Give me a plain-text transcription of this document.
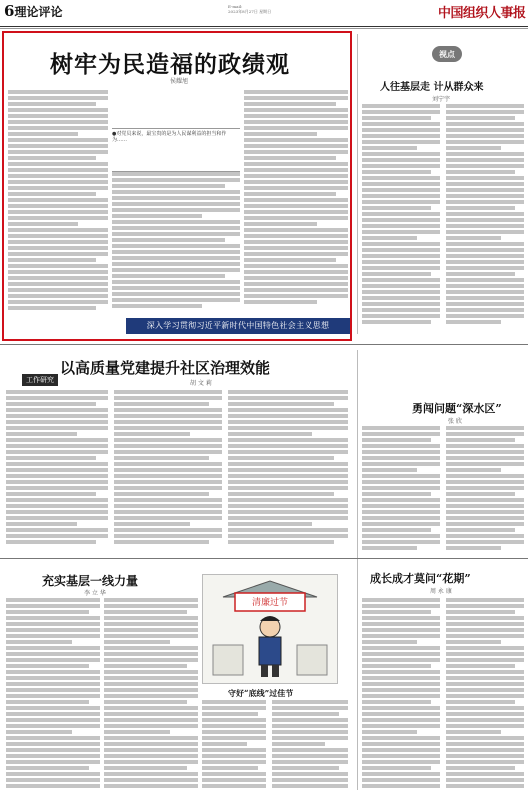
6理论评论	E-mail:
2023年8月27日 星期日	中国组织人事报
树牢为民造福的政绩观
侯耀旭
●对党员来说，最宝贵的是为人民谋利益的担当和作为……
深入学习贯彻习近平新时代中国特色社会主义思想
视点
人往基层走 计从群众来
刘宁宇
以高质量党建提升社区治理效能
胡 文 莉
工作研究
勇闯问题“深水区”
张 欣
充实基层一线力量
李 立 华
清廉过节
守好“底线”过佳节
成长成才莫问“花期”
周 永 康
